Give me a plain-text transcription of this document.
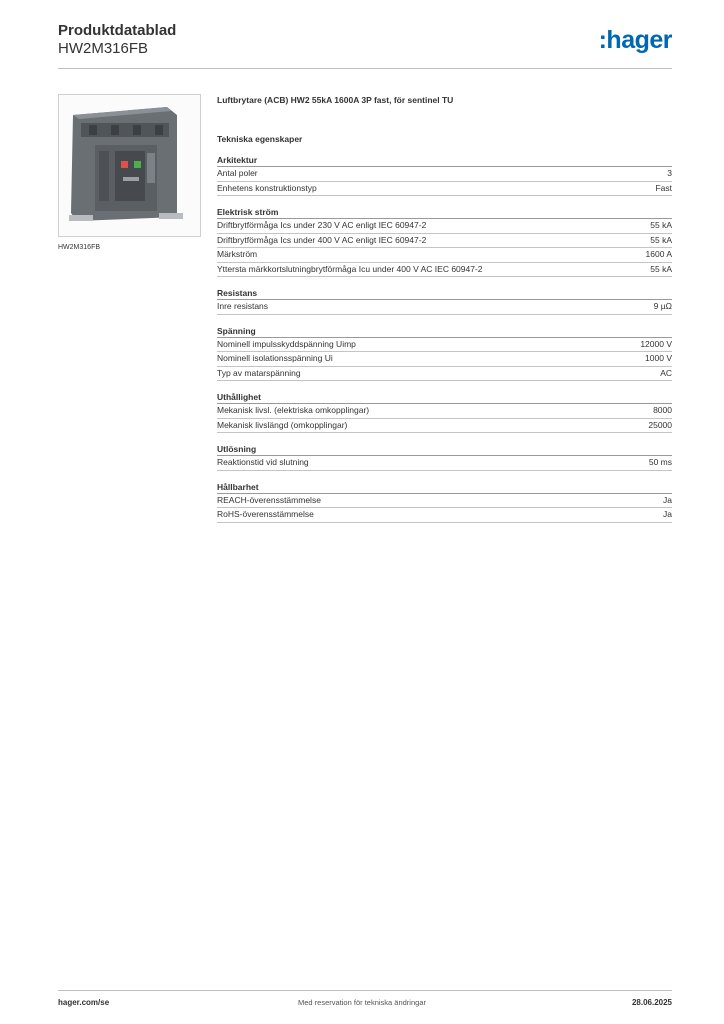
Produktdatablad
HW2M316FB	:hager
HW2M316FB
Luftbrytare (ACB) HW2 55kA 1600A 3P fast, för sentinel TU
Tekniska egenskaper
Arkitektur
Antal poler	3
Enhetens konstruktionstyp	Fast
Elektrisk ström
Driftbrytförmåga Ics under 230 V AC enligt IEC 60947-2	55 kA
Driftbrytförmåga Ics under 400 V AC enligt IEC 60947-2	55 kA
Märkström	1600 A
Yttersta märkkortslutningbrytförmåga Icu under 400 V AC IEC 60947-2	55 kA
Resistans
Inre resistans	9 µΩ
Spänning
Nominell impulsskyddspänning Uimp	12000 V
Nominell isolationsspänning Ui	1000 V
Typ av matarspänning	AC
Uthållighet
Mekanisk livsl. (elektriska omkopplingar)	8000
Mekanisk livslängd (omkopplingar)	25000
Utlösning
Reaktionstid vid slutning	50 ms
Hållbarhet
REACH-överensstämmelse	Ja
RoHS-överensstämmelse	Ja
hager.com/se	Med reservation för tekniska ändringar	28.06.2025
